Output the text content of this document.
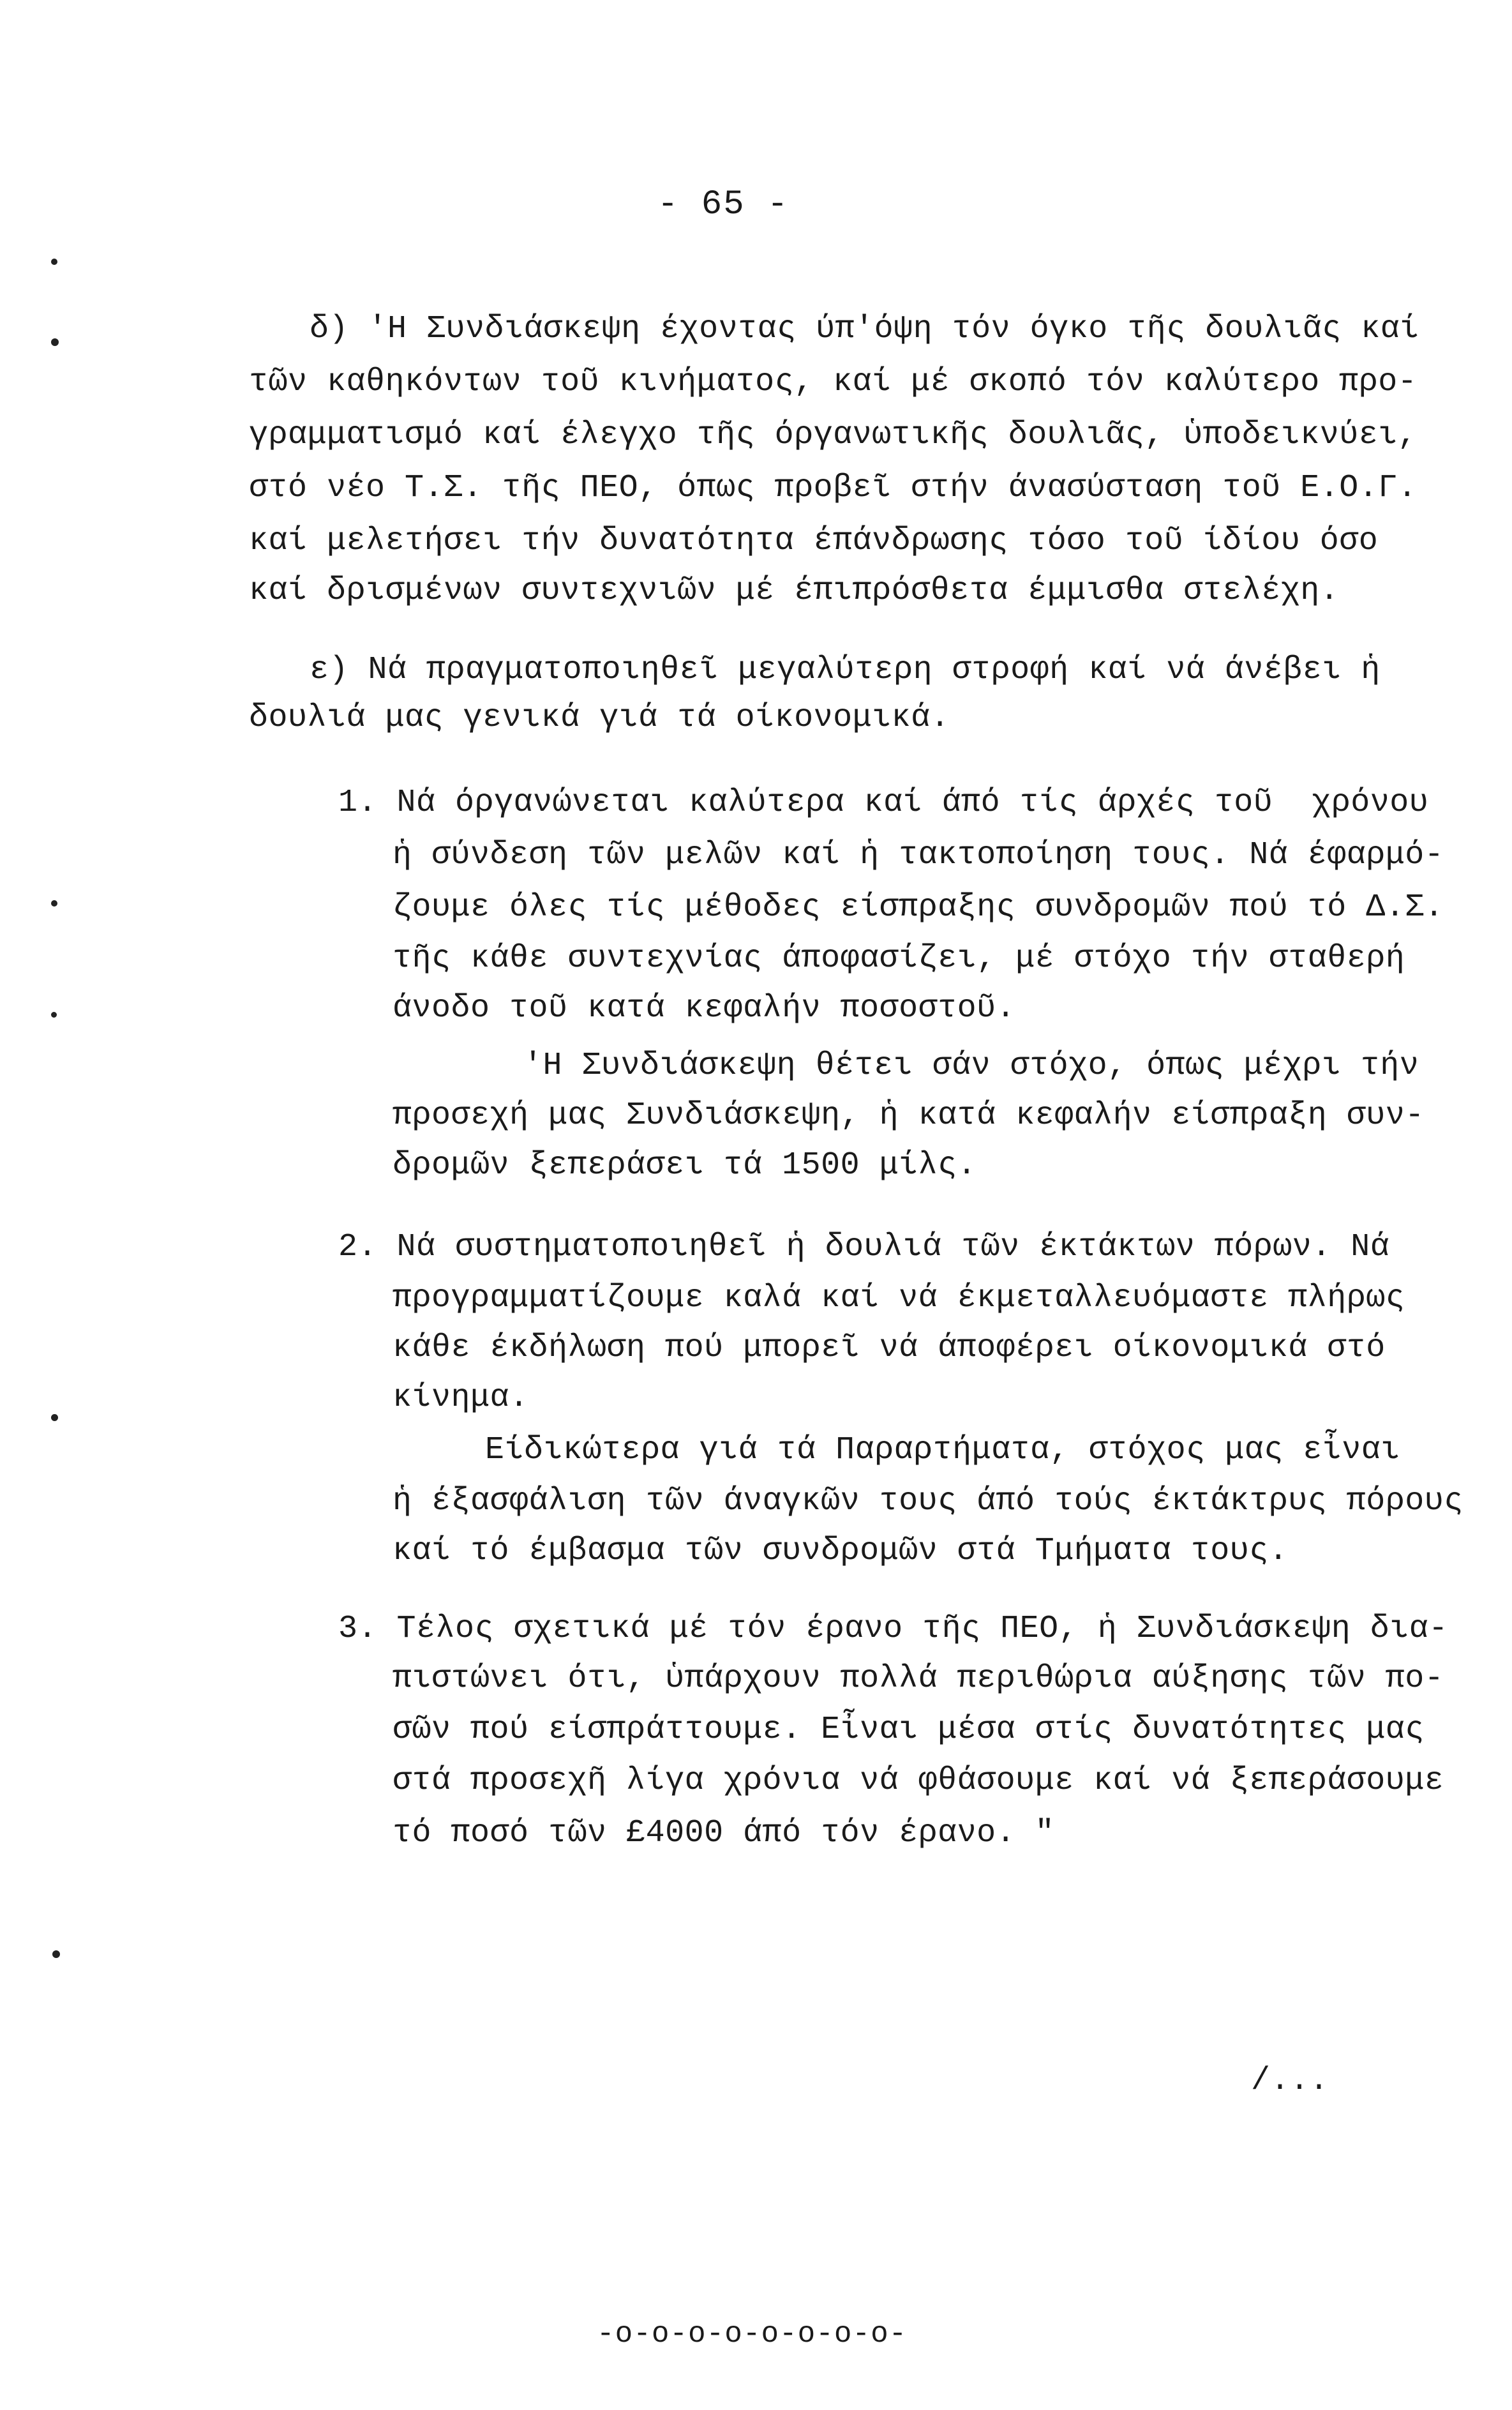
- 65 -
δ) 'Η Συνδιάσκεψη έχοντας ύπ'όψη τόν όγκο τῆς δουλιᾶς καί
τῶν καθηκόντων τοῦ κινήματος, καί μέ σκοπό τόν καλύτερο προ-
γραμματισμό καί έλεγχο τῆς όργανωτικῆς δουλιᾶς, ὑποδεικνύει,
στό νέο Τ.Σ. τῆς ΠΕΟ, όπως προβεῖ στήν άνασύσταση τοῦ Ε.Ο.Γ.
καί μελετήσει τήν δυνατότητα έπάνδρωσης τόσο τοῦ ίδίου όσο
καί δρισμένων συντεχνιῶν μέ έπιπρόσθετα έμμισθα στελέχη.
ε) Νά πραγματοποιηθεῖ μεγαλύτερη στροφή καί νά άνέβει ἡ
δουλιά μας γενικά γιά τά οίκονομικά.
1. Νά όργανώνεται καλύτερα καί άπό τίς άρχές τοῦ  χρόνου
ἡ σύνδεση τῶν μελῶν καί ἡ τακτοποίηση τους. Νά έφαρμό-
ζουμε όλες τίς μέθοδες είσπραξης συνδρομῶν πού τό Δ.Σ.
τῆς κάθε συντεχνίας άποφασίζει, μέ στόχο τήν σταθερή
άνοδο τοῦ κατά κεφαλήν ποσοστοῦ.
'Η Συνδιάσκεψη θέτει σάν στόχο, όπως μέχρι τήν
προσεχή μας Συνδιάσκεψη, ἡ κατά κεφαλήν είσπραξη συν-
δρομῶν ξεπεράσει τά 1500 μίλς.
2. Νά συστηματοποιηθεῖ ἡ δουλιά τῶν έκτάκτων πόρων. Νά
προγραμματίζουμε καλά καί νά έκμεταλλευόμαστε πλήρως
κάθε έκδήλωση πού μπορεῖ νά άποφέρει οίκονομικά στό
κίνημα.
Είδικώτερα γιά τά Παραρτήματα, στόχος μας εἶναι
ἡ έξασφάλιση τῶν άναγκῶν τους άπό τούς έκτάκτρυς πόρους
καί τό έμβασμα τῶν συνδρομῶν στά Τμήματα τους.
3. Τέλος σχετικά μέ τόν έρανο τῆς ΠΕΟ, ἡ Συνδιάσκεψη δια-
πιστώνει ότι, ὑπάρχουν πολλά περιθώρια αύξησης τῶν πο-
σῶν πού είσπράττουμε. Εἶναι μέσα στίς δυνατότητες μας
στά προσεχῆ λίγα χρόνια νά φθάσουμε καί νά ξεπεράσουμε
τό ποσό τῶν £4000 άπό τόν έρανο. "
-o-o-o-o-o-o-o-o-
/...
